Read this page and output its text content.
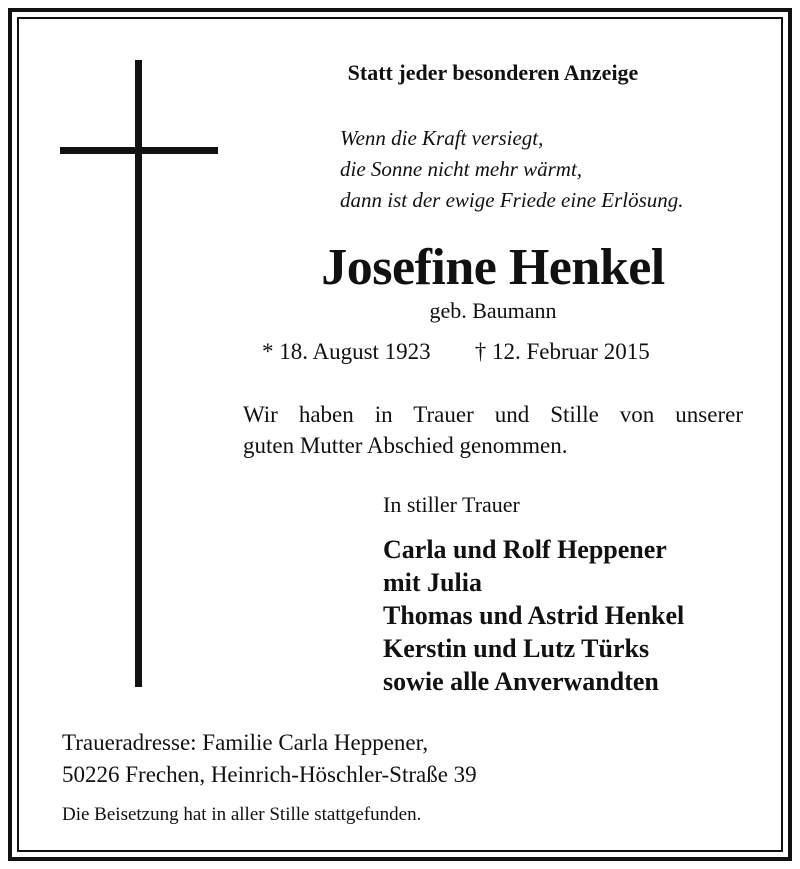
Statt jeder besonderen Anzeige
Wenn die Kraft versiegt,
die Sonne nicht mehr wärmt,
dann ist der ewige Friede eine Erlösung.
Josefine Henkel
geb. Baumann
* 18. August 1923 † 12. Februar 2015
Wir haben in Trauer und Stille von unserer
guten Mutter Abschied genommen.
In stiller Trauer
Carla und Rolf Heppener
mit Julia
Thomas und Astrid Henkel
Kerstin und Lutz Türks
sowie alle Anverwandten
Traueradresse: Familie Carla Heppener,
50226 Frechen, Heinrich-Höschler-Straße 39
Die Beisetzung hat in aller Stille stattgefunden.
